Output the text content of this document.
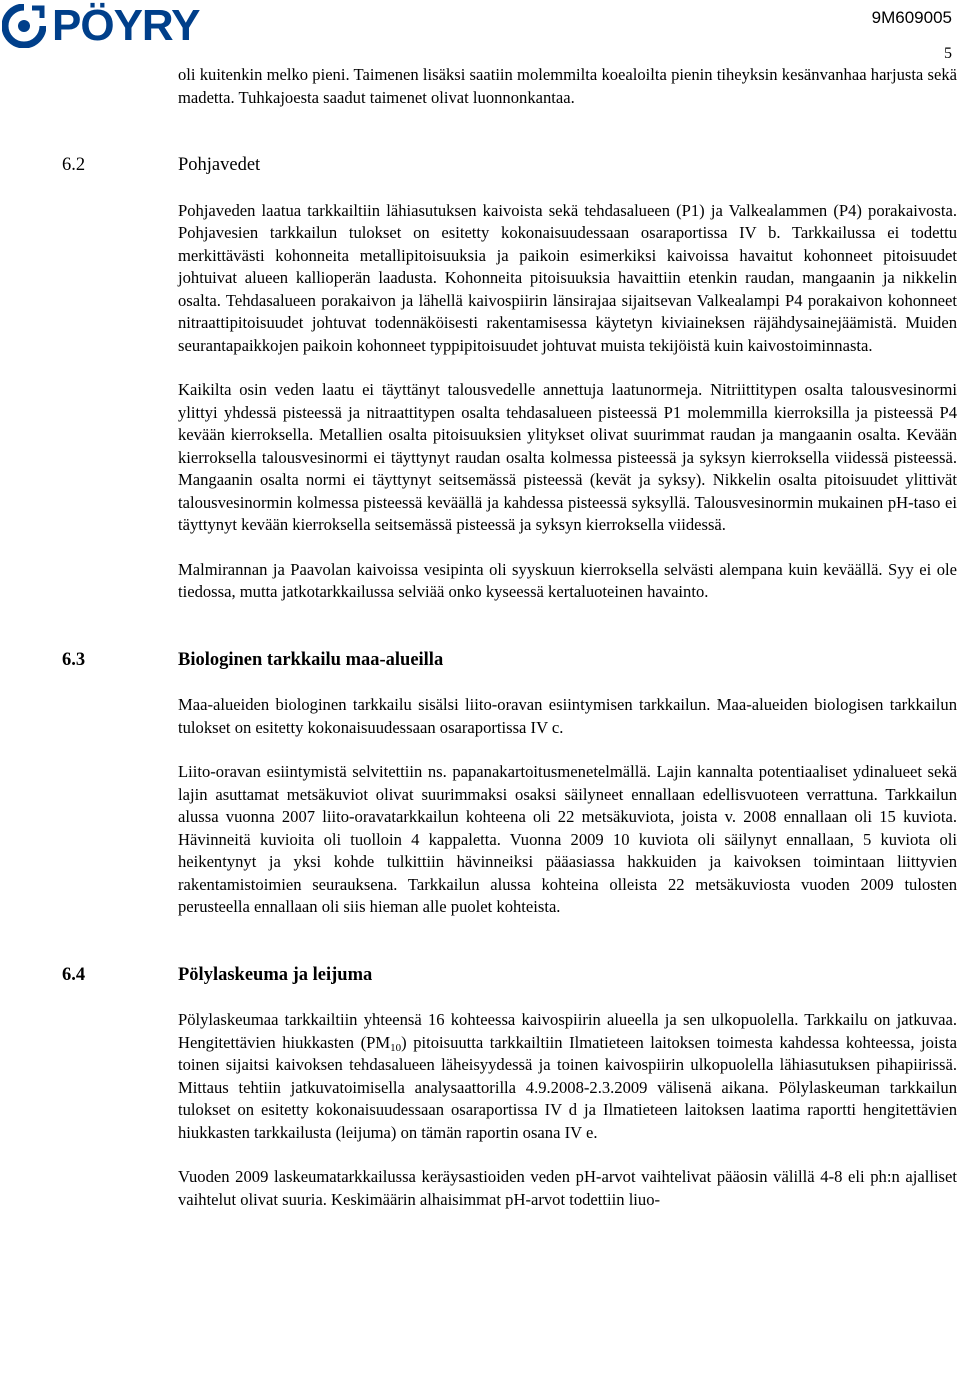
PÖYRY	9M609005
5

oli kuitenkin melko pieni. Taimenen lisäksi saatiin molemmilta koealoilta pienin tiheyksin kesänvanhaa harjusta sekä madetta. Tuhkajoesta saadut taimenet olivat luonnonkantaa.

6.2	Pohjavedet

Pohjaveden laatua tarkkailtiin lähiasutuksen kaivoista sekä tehdasalueen (P1) ja Valkealammen (P4) porakaivosta. Pohjavesien tarkkailun tulokset on esitetty kokonaisuudessaan osaraportissa IV b. Tarkkailussa ei todettu merkittävästi kohonneita metallipitoisuuksia ja paikoin esimerkiksi kaivoissa havaitut kohonneet pitoisuudet johtuivat alueen kallioperän laadusta. Kohonneita pitoisuuksia havaittiin etenkin raudan, mangaanin ja nikkelin osalta. Tehdasalueen porakaivon ja lähellä kaivospiirin länsirajaa sijaitsevan Valkealampi P4 porakaivon kohonneet nitraattipitoisuudet johtuvat todennäköisesti rakentamisessa käytetyn kiviaineksen räjähdysainejäämistä. Muiden seurantapaikkojen paikoin kohonneet typpipitoisuudet johtuvat muista tekijöistä kuin kaivostoiminnasta.

Kaikilta osin veden laatu ei täyttänyt talousvedelle annettuja laatunormeja. Nitriittitypen osalta talousvesinormi ylittyi yhdessä pisteessä ja nitraattitypen osalta tehdasalueen pisteessä P1 molemmilla kierroksilla ja pisteessä P4 kevään kierroksella. Metallien osalta pitoisuuksien ylitykset olivat suurimmat raudan ja mangaanin osalta. Kevään kierroksella talousvesinormi ei täyttynyt raudan osalta kolmessa pisteessä ja syksyn kierroksella viidessä pisteessä. Mangaanin osalta normi ei täyttynyt seitsemässä pisteessä (kevät ja syksy). Nikkelin osalta pitoisuudet ylittivät talousvesinormin kolmessa pisteessä keväällä ja kahdessa pisteessä syksyllä. Talousvesinormin mukainen pH-taso ei täyttynyt kevään kierroksella seitsemässä pisteessä ja syksyn kierroksella viidessä.

Malmirannan ja Paavolan kaivoissa vesipinta oli syyskuun kierroksella selvästi alempana kuin keväällä. Syy ei ole tiedossa, mutta jatkotarkkailussa selviää onko kyseessä kertaluoteinen havainto.

6.3	Biologinen tarkkailu maa-alueilla

Maa-alueiden biologinen tarkkailu sisälsi liito-oravan esiintymisen tarkkailun. Maa-alueiden biologisen tarkkailun tulokset on esitetty kokonaisuudessaan osaraportissa IV c.

Liito-oravan esiintymistä selvitettiin ns. papanakartoitusmenetelmällä. Lajin kannalta potentiaaliset ydinalueet sekä lajin asuttamat metsäkuviot olivat suurimmaksi osaksi säilyneet ennallaan edellisvuoteen verrattuna. Tarkkailun alussa vuonna 2007 liito-oravatarkkailun kohteena oli 22 metsäkuviota, joista v. 2008 ennallaan oli 15 kuviota. Hävinneitä kuvioita oli tuolloin 4 kappaletta. Vuonna 2009 10 kuviota oli säilynyt ennallaan, 5 kuviota oli heikentynyt ja yksi kohde tulkittiin hävinneiksi pääasiassa hakkuiden ja kaivoksen toimintaan liittyvien rakentamistoimien seurauksena. Tarkkailun alussa kohteina olleista 22 metsäkuviosta vuoden 2009 tulosten perusteella ennallaan oli siis hieman alle puolet kohteista.

6.4	Pölylaskeuma ja leijuma

Pölylaskeumaa tarkkailtiin yhteensä 16 kohteessa kaivospiirin alueella ja sen ulkopuolella. Tarkkailu on jatkuvaa. Hengitettävien hiukkasten $(PM_{10})$ pitoisuutta tarkkailtiin Ilmatieteen laitoksen toimesta kahdessa kohteessa, joista toinen sijaitsi kaivoksen tehdasalueen läheisyydessä ja toinen kaivospiirin ulkopuolella lähiasutuksen pihapiirissä. Mittaus tehtiin jatkuvatoimisella analysaattorilla 4.9.2008-2.3.2009 välisenä aikana. Pölylaskeuman tarkkailun tulokset on esitetty kokonaisuudessaan osaraportissa IV d ja Ilmatieteen laitoksen laatima raportti hengitettävien hiukkasten tarkkailusta (leijuma) on tämän raportin osana IV e.

Vuoden 2009 laskeumatarkkailussa keräysastioiden veden pH-arvot vaihtelivat pääosin välillä 4-8 eli ph:n ajalliset vaihtelut olivat suuria. Keskimäärin alhaisimmat pH-arvot todettiin liuo-
